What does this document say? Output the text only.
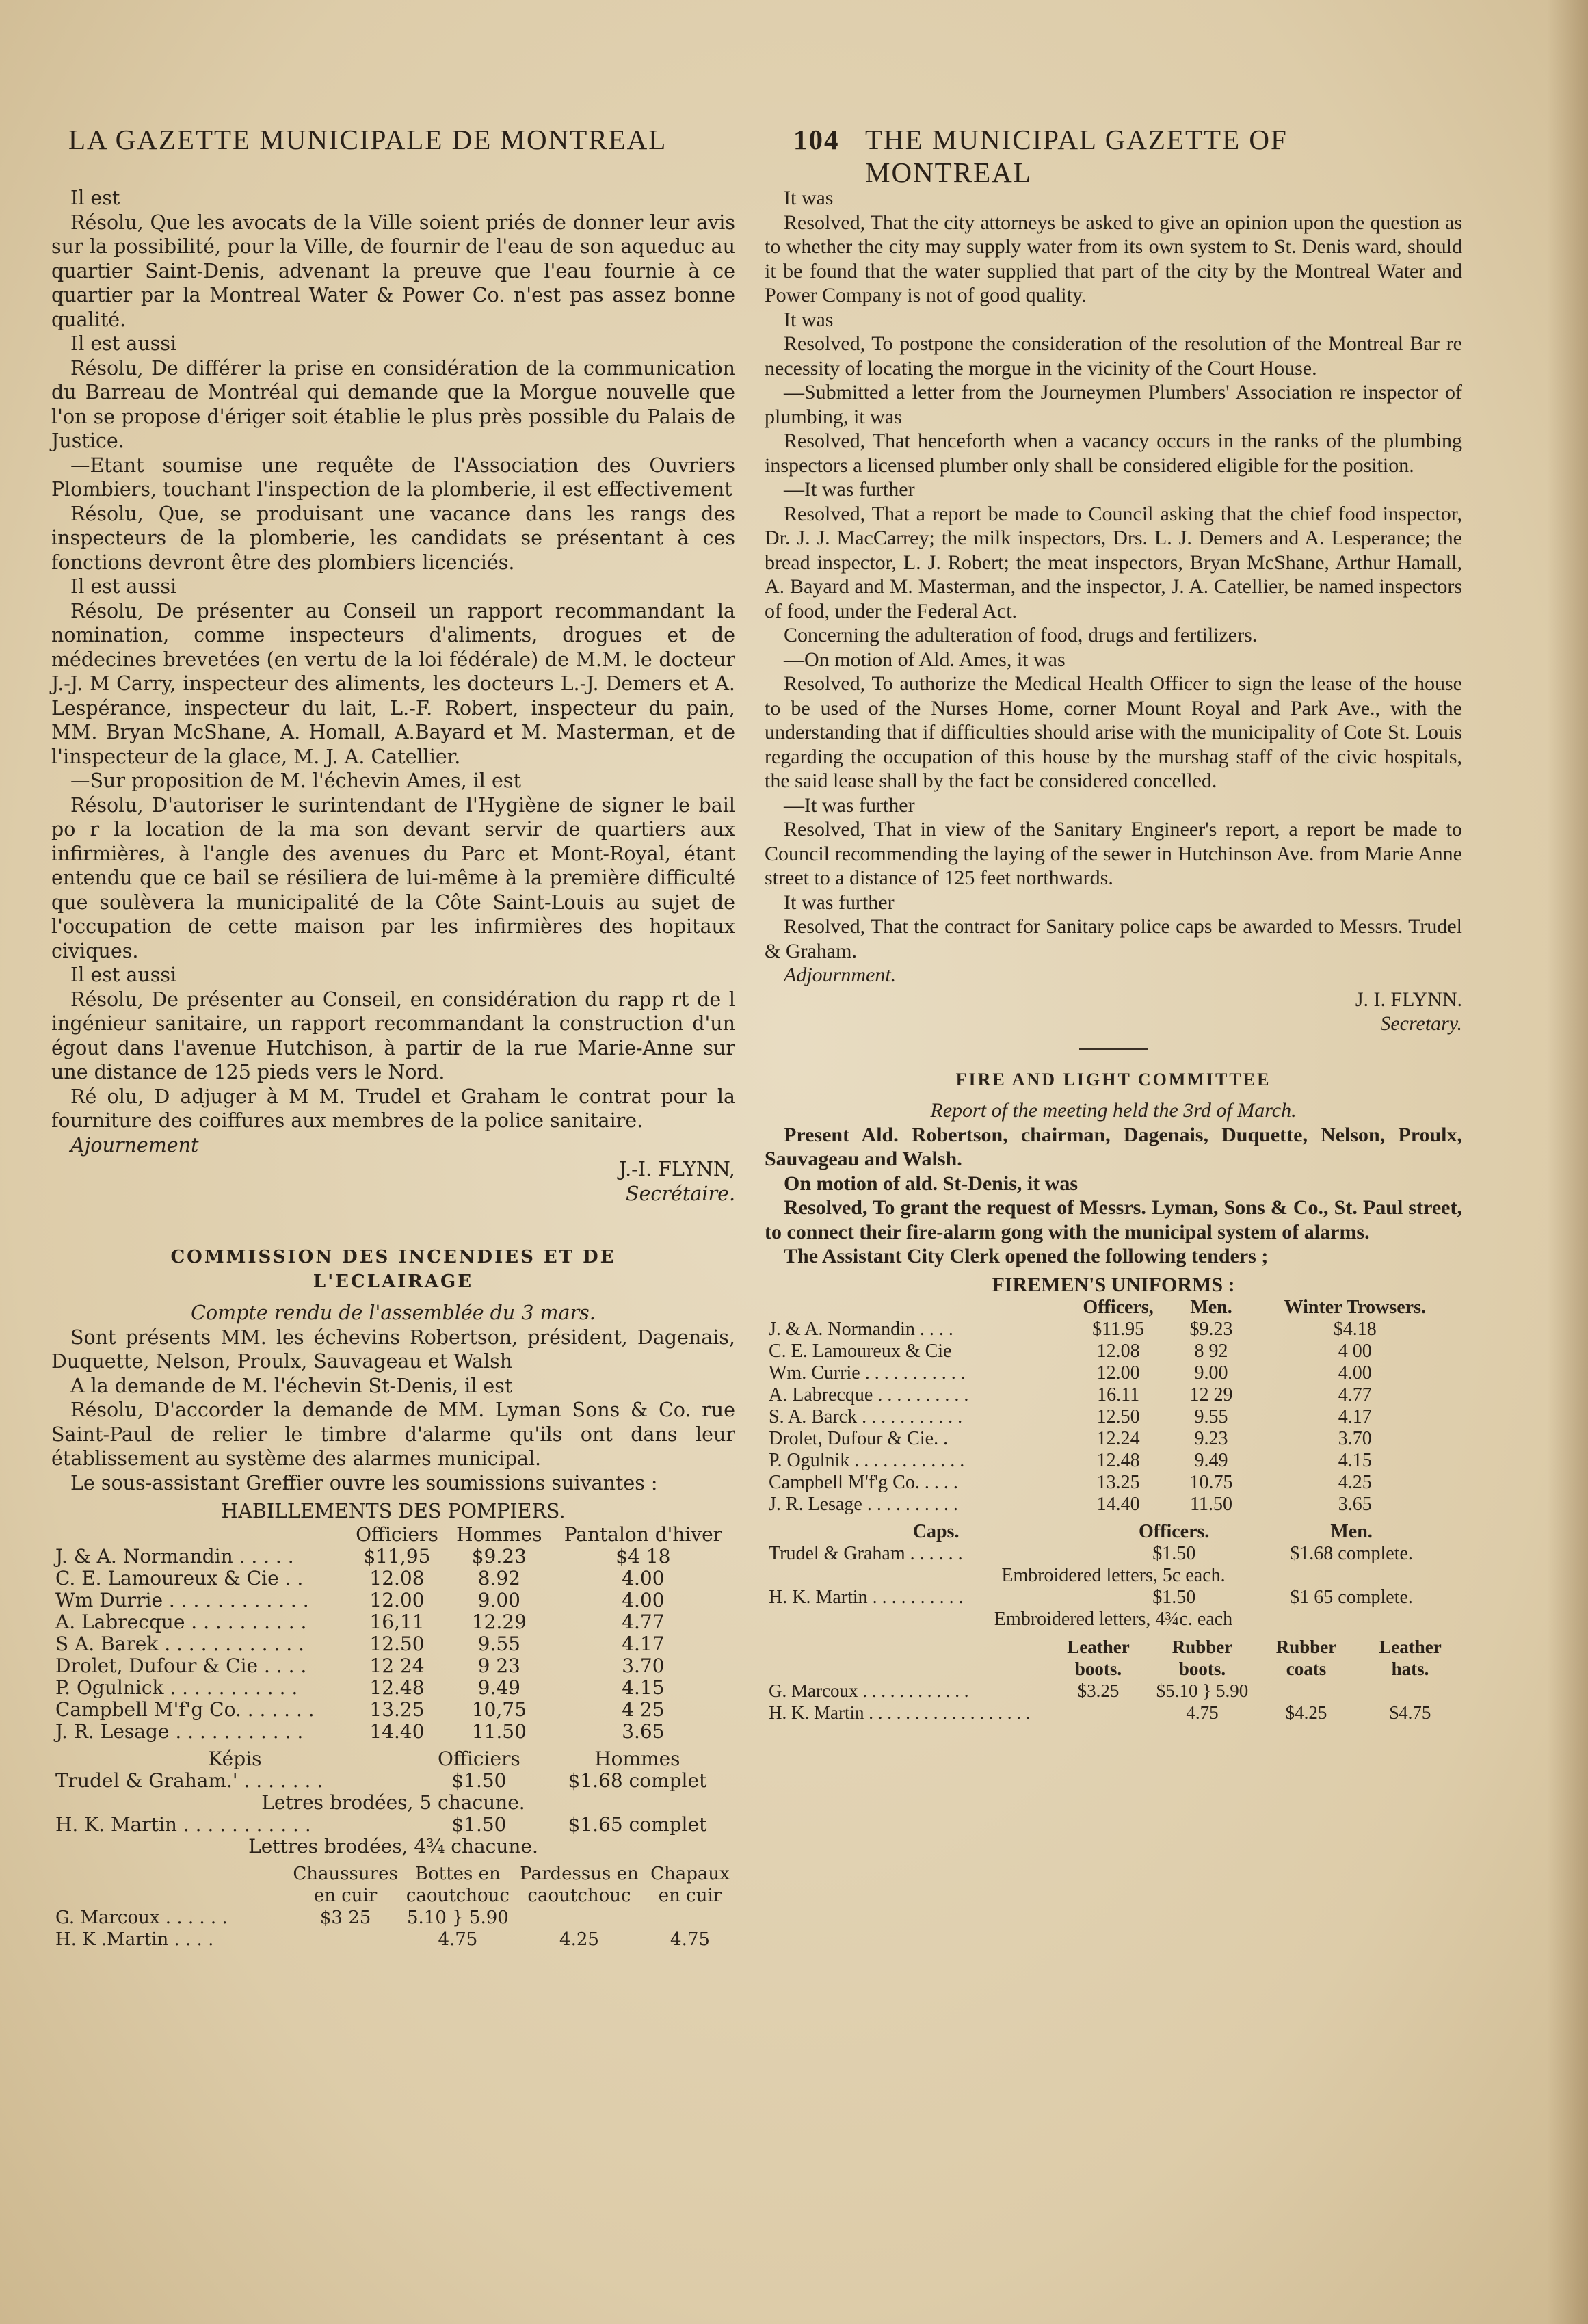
LA GAZETTE MUNICIPALE DE MONTREAL	104 THE MUNICIPAL GAZETTE OF MONTREAL

Il est

Résolu, Que les avocats de la Ville soient priés de donner leur avis sur la possibilité, pour la Ville, de fournir de l'eau de son aqueduc au quartier Saint-Denis, advenant la preuve que l'eau fournie à ce quartier par la Montreal Water & Power Co. n'est pas assez bonne qualité.

Il est aussi

Résolu, De différer la prise en considération de la communication du Barreau de Montréal qui demande que la Morgue nouvelle que l'on se propose d'ériger soit établie le plus près possible du Palais de Justice.

—Etant soumise une requête de l'Association des Ouvriers Plombiers, touchant l'inspection de la plomberie, il est effectivement

Résolu, Que, se produisant une vacance dans les rangs des inspecteurs de la plomberie, les candidats se présentant à ces fonctions devront être des plombiers licenciés.

Il est aussi

Résolu, De présenter au Conseil un rapport recommandant la nomination, comme inspecteurs d'aliments, drogues et de médecines brevetées (en vertu de la loi fédérale) de M.M. le docteur J.-J. M Carry, inspecteur des aliments, les docteurs L.-J. Demers et A. Lespérance, inspecteur du lait, L.-F. Robert, inspecteur du pain, MM. Bryan McShane, A. Homall, A.Bayard et M. Masterman, et de l'inspecteur de la glace, M. J. A. Catellier.

—Sur proposition de M. l'échevin Ames, il est

Résolu, D'autoriser le surintendant de l'Hygiène de signer le bail po r la location de la ma son devant servir de quartiers aux infirmières, à l'angle des avenues du Parc et Mont-Royal, étant entendu que ce bail se résiliera de lui-même à la première difficulté que soulèvera la municipalité de la Côte Saint-Louis au sujet de l'occupation de cette maison par les infirmières des hopitaux civiques.

Il est aussi

Résolu, De présenter au Conseil, en considération du rapp rt de l ingénieur sanitaire, un rapport recommandant la construction d'un égout dans l'avenue Hutchison, à partir de la rue Marie-Anne sur une distance de 125 pieds vers le Nord.

Ré olu, D adjuger à M M. Trudel et Graham le contrat pour la fourniture des coiffures aux membres de la police sanitaire.

Ajournement

J.-I. FLYNN,

Secrétaire.

COMMISSION DES INCENDIES ET DE

L'ECLAIRAGE

Compte rendu de l'assemblée du 3 mars.

Sont présents MM. les échevins Robertson, président, Dagenais, Duquette, Nelson, Proulx, Sauvageau et Walsh

A la demande de M. l'échevin St-Denis, il est

Résolu, D'accorder la demande de MM. Lyman Sons & Co. rue Saint-Paul de relier le timbre d'alarme qu'ils ont dans leur établissement au système des alarmes municipal.

Le sous-assistant Greffier ouvre les soumissions suivantes :

HABILLEMENTS DES POMPIERS.

	Officiers	Hommes	Pantalon d'hiver
J. & A. Normandin . . . . .	$11,95	$9.23	$4 18
C. E. Lamoureux & Cie . .	12.08	8.92	4.00
Wm Durrie . . . . . . . . . . . .	12.00	9.00	4.00
A. Labrecque . . . . . . . . . .	16,11	12.29	4.77
S A. Barek . . . . . . . . . . . .	12.50	9.55	4.17
Drolet, Dufour & Cie . . . .	12 24	9 23	3.70
P. Ogulnick . . . . . . . . . . .	12.48	9.49	4.15
Campbell M'f'g Co. . . . . . .	13.25	10,75	4 25
J. R. Lesage . . . . . . . . . . .	14.40	11.50	3.65
Képis	Officiers	Hommes
Trudel & Graham.' . . . . . . .	$1.50	$1.68 complet
Letres brodées, 5 chacune.		
H. K. Martin . . . . . . . . . . .	$1.50	$1.65 complet
Lettres brodées, 4¾ chacune.		
	Chaussures en cuir	Bottes en caoutchouc	Pardessus en caoutchouc	Chapaux en cuir
G. Marcoux . . . . . .	$3 25	5.10 } 5.90		
H. K .Martin . . . .		4.75	4.25	4.75

It was

Resolved, That the city attorneys be asked to give an opinion upon the question as to whether the city may supply water from its own system to St. Denis ward, should it be found that the water supplied that part of the city by the Montreal Water and Power Company is not of good quality.

It was

Resolved, To postpone the consideration of the resolution of the Montreal Bar re necessity of locating the morgue in the vicinity of the Court House.

—Submitted a letter from the Journeymen Plumbers' Association re inspector of plumbing, it was

Resolved, That henceforth when a vacancy occurs in the ranks of the plumbing inspectors a licensed plumber only shall be considered eligible for the position.

—It was further

Resolved, That a report be made to Council asking that the chief food inspector, Dr. J. J. MacCarrey; the milk inspectors, Drs. L. J. Demers and A. Lesperance; the bread inspector, L. J. Robert; the meat inspectors, Bryan McShane, Arthur Hamall, A. Bayard and M. Masterman, and the inspector, J. A. Catellier, be named inspectors of food, under the Federal Act.

Concerning the adulteration of food, drugs and fertilizers.

—On motion of Ald. Ames, it was

Resolved, To authorize the Medical Health Officer to sign the lease of the house to be used of the Nurses Home, corner Mount Royal and Park Ave., with the understanding that if difficulties should arise with the municipality of Cote St. Louis regarding the occupation of this house by the murshag staff of the civic hospitals, the said lease shall by the fact be considered concelled.

—It was further

Resolved, That in view of the Sanitary Engineer's report, a report be made to Council recommending the laying of the sewer in Hutchinson Ave. from Marie Anne street to a distance of 125 feet northwards.

It was further

Resolved, That the contract for Sanitary police caps be awarded to Messrs. Trudel & Graham.

Adjournment.

J. I. FLYNN.

Secretary.

FIRE AND LIGHT COMMITTEE

Report of the meeting held the 3rd of March.

Present Ald. Robertson, chairman, Dagenais, Duquette, Nelson, Proulx, Sauvageau and Walsh.

On motion of ald. St-Denis, it was

Resolved, To grant the request of Messrs. Lyman, Sons & Co., St. Paul street, to connect their fire-alarm gong with the municipal system of alarms.

The Assistant City Clerk opened the following tenders ;

FIREMEN'S UNIFORMS :

	Officers,	Men.	Winter Trowsers.
J. & A. Normandin . . . .	$11.95	$9.23	$4.18
C. E. Lamoureux & Cie	12.08	8 92	4 00
Wm. Currie . . . . . . . . . . .	12.00	9.00	4.00
A. Labrecque . . . . . . . . . .	16.11	12 29	4.77
S. A. Barck . . . . . . . . . . .	12.50	9.55	4.17
Drolet, Dufour & Cie. .	12.24	9.23	3.70
P. Ogulnik . . . . . . . . . . . .	12.48	9.49	4.15
Campbell M'f'g Co. . . . .	13.25	10.75	4.25
J. R. Lesage . . . . . . . . . .	14.40	11.50	3.65
Caps.	Officers.	Men.
Trudel & Graham . . . . . .	$1.50	$1.68 complete.
Embroidered letters, 5c each.		
H. K. Martin . . . . . . . . . .	$1.50	$1 65 complete.
Embroidered letters, 4¾c. each		
	Leather boots.	Rubber boots.	Rubber coats	Leather hats.
G. Marcoux . . . . . . . . . . . .	$3.25	$5.10 } 5.90		
H. K. Martin . . . . . . . . . . . . . . . . . .		4.75	$4.25	$4.75
